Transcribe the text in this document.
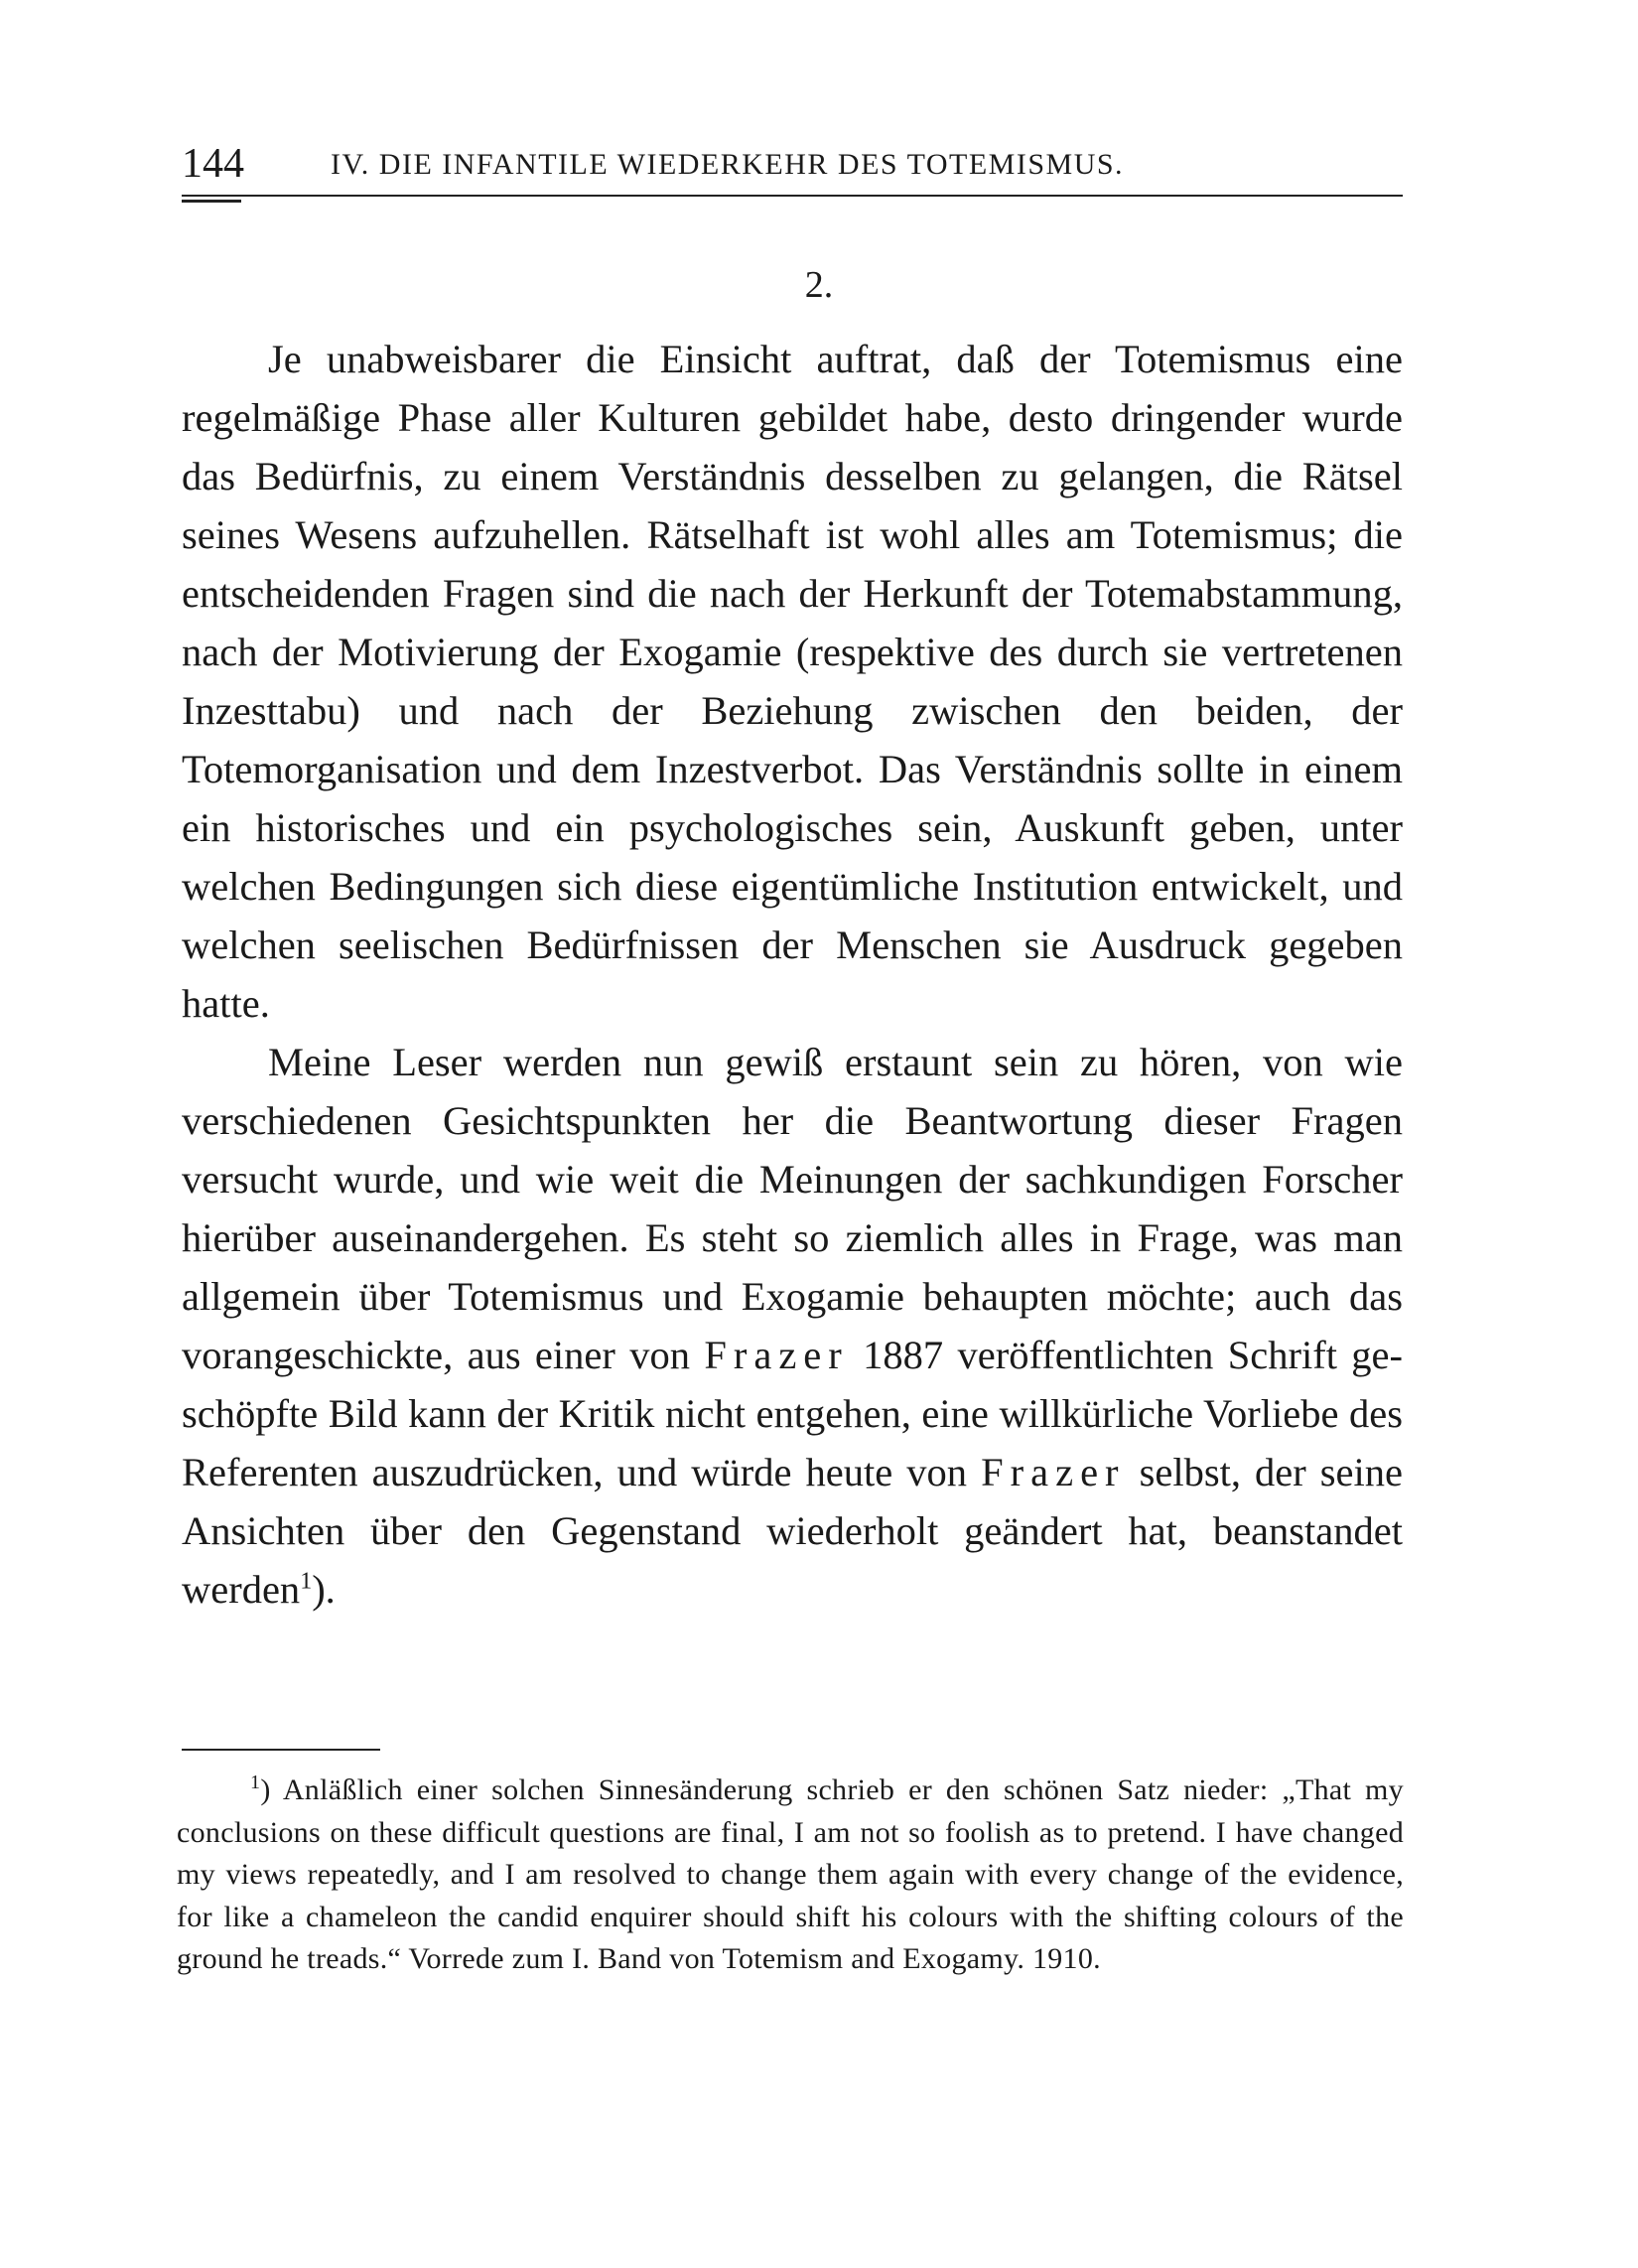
144	IV. DIE INFANTILE WIEDERKEHR DES TOTEMISMUS.
2.

Je unabweisbarer die Einsicht auftrat, daß der Totemismus eine regelmäßige Phase aller Kulturen gebildet habe, desto dringender wurde das Bedürfnis, zu einem Verständnis desselben zu gelangen, die Rätsel seines Wesens aufzuhellen. Rätselhaft ist wohl alles am Totemismus; die entscheidenden Fragen sind die nach der Herkunft der Totemabstammung, nach der Motivierung der Exogamie (respektive des durch sie vertretenen Inzesttabu) und nach der Beziehung zwischen den beiden, der Totemorganisation und dem Inzestverbot. Das Verständnis sollte in einem ein historisches und ein psychologisches sein, Auskunft geben, unter welchen Bedingungen sich diese eigentümliche Institution entwickelt, und welchen seelischen Bedürfnissen der Menschen sie Ausdruck gegeben hatte.

Meine Leser werden nun gewiß erstaunt sein zu hören, von wie verschiedenen Gesichtspunkten her die Beantwortung dieser Fragen versucht wurde, und wie weit die Meinungen der sachkundigen Forscher hierüber auseinandergehen. Es steht so ziemlich alles in Frage, was man allgemein über Totemismus und Exogamie behaupten möchte; auch das vorangeschickte, aus einer von Frazer 1887 veröffentlichten Schrift geschöpfte Bild kann der Kritik nicht entgehen, eine willkürliche Vorliebe des Referenten auszudrücken, und würde heute von Frazer selbst, der seine Ansichten über den Gegenstand wiederholt geändert hat, beanstandet werden$^1$).

$^1$) Anläßlich einer solchen Sinnesänderung schrieb er den schönen Satz nieder: „That my conclusions on these difficult questions are final, I am not so foolish as to pretend. I have changed my views repeatedly, and I am resolved to change them again with every change of the evidence, for like a chameleon the candid enquirer should shift his colours with the shifting colours of the ground he treads.“ Vorrede zum I. Band von Totemism and Exogamy. 1910.
